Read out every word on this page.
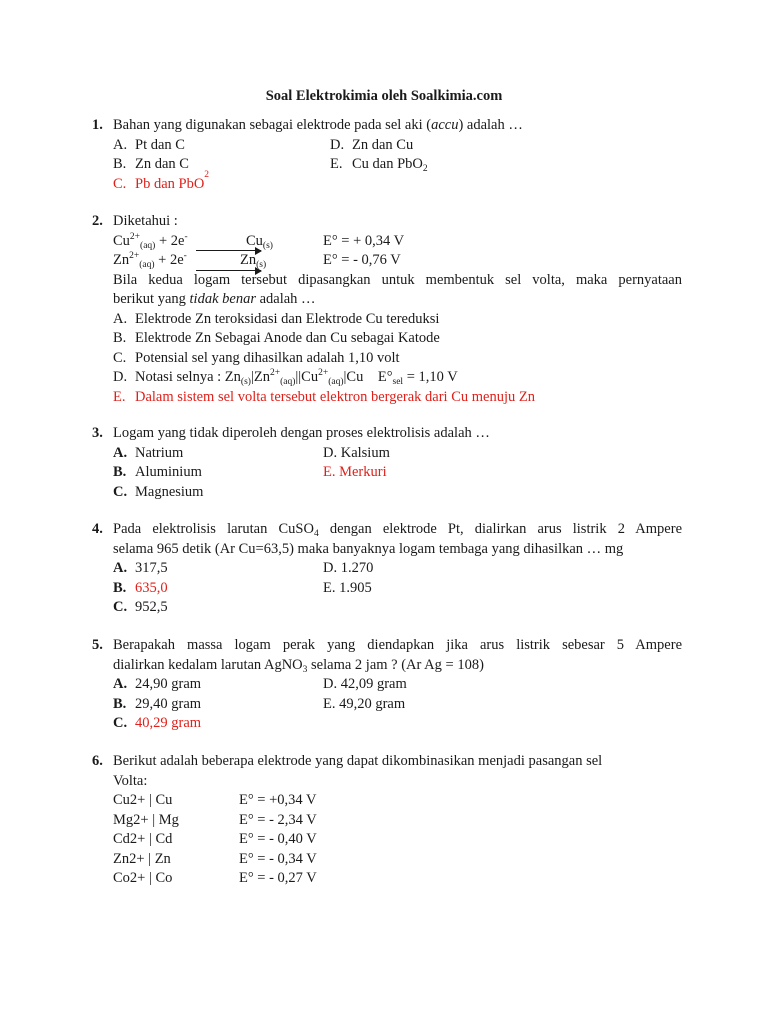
Soal Elektrokimia oleh Soalkimia.com
1. Bahan yang digunakan sebagai elektrode pada sel aki (accu) adalah …
A. Pt dan C	D. Zn dan Cu
B. Zn dan C	E. Cu dan PbO$_2$
C. Pb dan PbO
2
2. Diketahui :
$Cu^{2+}_{(aq)} + 2e^-$	$Cu_{(s)}$	E° = + 0,34 V
$Zn^{2+}_{(aq)} + 2e^-$	$Zn_{(s)}$	E° = - 0,76 V
Bila kedua logam tersebut dipasangkan untuk membentuk sel volta, maka pernyataan
berikut yang tidak benar adalah …
A. Elektrode Zn teroksidasi dan Elektrode Cu tereduksi
B. Elektrode Zn Sebagai Anode dan Cu sebagai Katode
C. Potensial sel yang dihasilkan adalah 1,10 volt
D. Notasi selnya : $Zn_{(s)}|Zn^{2+}_{(aq)}||Cu^{2+}_{(aq)}|Cu$ $E^\circ_{sel} = 1,10$ V
E. Dalam sistem sel volta tersebut elektron bergerak dari Cu menuju Zn
3. Logam yang tidak diperoleh dengan proses elektrolisis adalah …
A. Natrium	D. Kalsium
B. Aluminium	E. Merkuri
C. Magnesium
4. Pada elektrolisis larutan CuSO$_4$ dengan elektrode Pt, dialirkan arus listrik 2 Ampere
selama 965 detik (Ar Cu=63,5) maka banyaknya logam tembaga yang dihasilkan … mg
A. 317,5	D. 1.270
B. 635,0	E. 1.905
C. 952,5
5. Berapakah massa logam perak yang diendapkan jika arus listrik sebesar 5 Ampere
dialirkan kedalam larutan AgNO$_3$ selama 2 jam ? (Ar Ag = 108)
A. 24,90 gram	D. 42,09 gram
B. 29,40 gram	E. 49,20 gram
C. 40,29 gram
6. Berikut adalah beberapa elektrode yang dapat dikombinasikan menjadi pasangan sel
Volta:
Cu2+ | Cu	E° = +0,34 V
Mg2+ | Mg	E° = - 2,34 V
Cd2+ | Cd	E° = - 0,40 V
Zn2+ | Zn	E° = - 0,34 V
Co2+ | Co	E° = - 0,27 V
